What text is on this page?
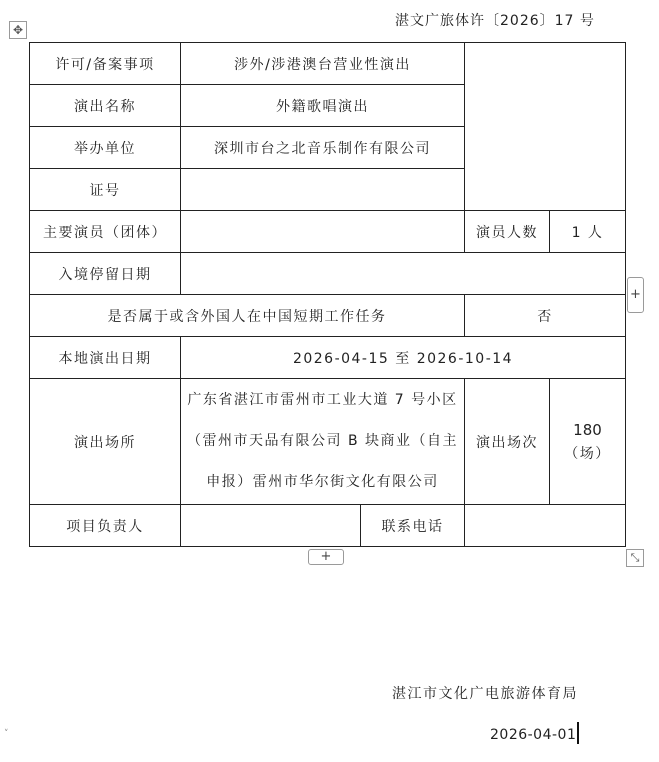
湛文广旅体许〔2026〕17 号
✥
许可/备案事项	涉外/涉港澳台营业性演出			
演出名称	外籍歌唱演出			
举办单位	深圳市台之北音乐制作有限公司			
证号				
主要演员（团体）			演员人数	1 人
入境停留日期				
是否属于或含外国人在中国短期工作任务			否	
本地演出日期	2026-04-15 至 2026-10-14			
演出场所	广东省湛江市雷州市工业大道 7 号小区（雷州市天品有限公司 B 块商业（自主申报）雷州市华尔街文化有限公司		演出场次	180
（场）

项目负责人		联系电话		
+
+	⤡
湛江市文化广电旅游体育局
2026-04-01
˅
